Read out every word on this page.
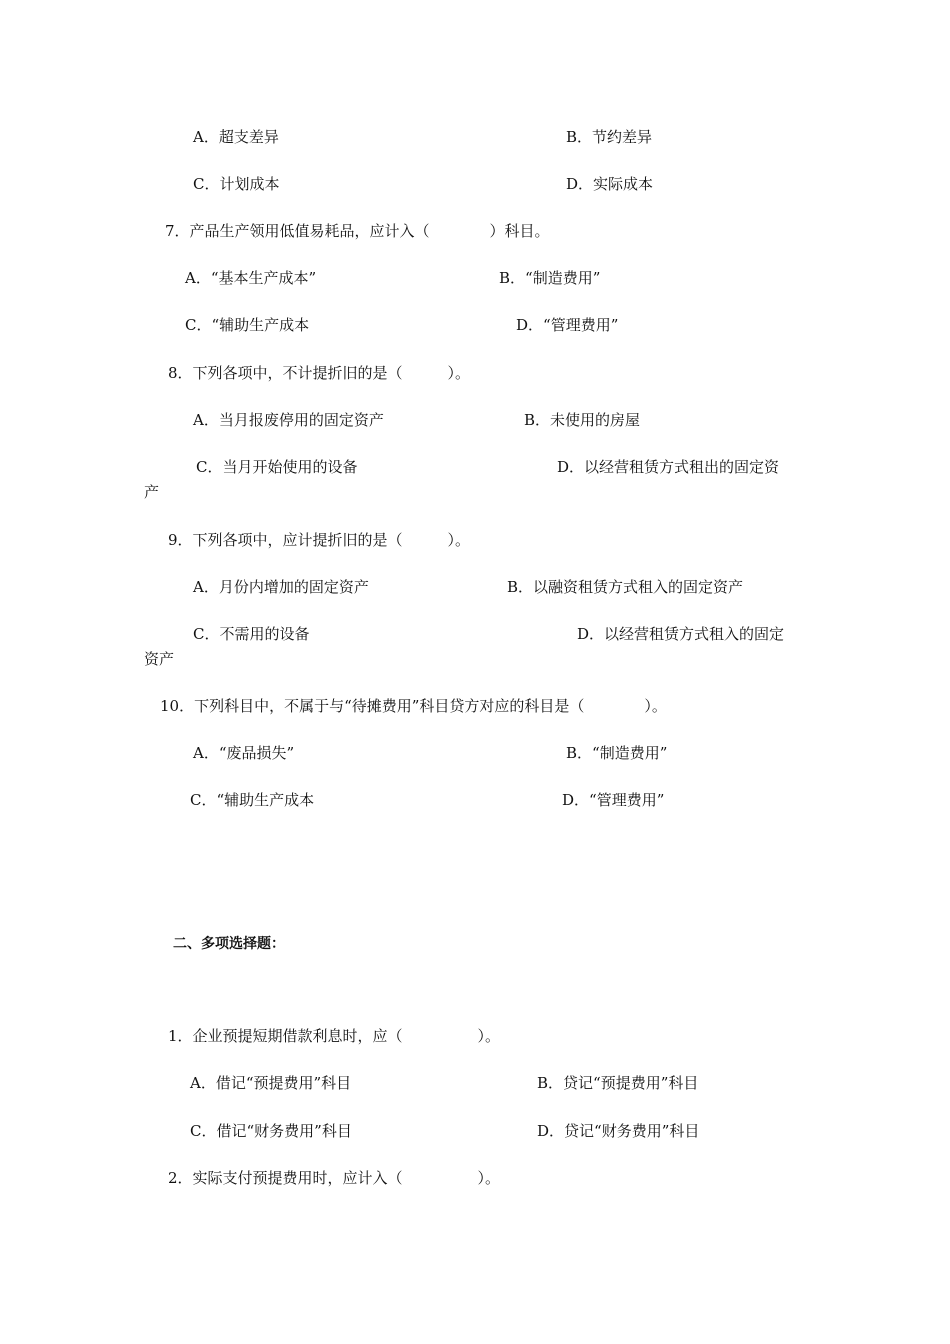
A．超支差异	B．节约差异
C．计划成本	D．实际成本
7．产品生产领用低值易耗品，应计入（　　　　）科目。
A．“基本生产成本”	B．“制造费用”
C．“辅助生产成本	D．“管理费用”
8．下列各项中，不计提折旧的是（　　　）。
A．当月报废停用的固定资产	B．未使用的房屋
C．当月开始使用的设备	D．以经营租赁方式租出的固定资
产
9．下列各项中，应计提折旧的是（　　　）。
A．月份内增加的固定资产	B．以融资租赁方式租入的固定资产
C．不需用的设备	D．以经营租赁方式租入的固定
资产
10．下列科目中，不属于与“待摊费用”科目贷方对应的科目是（　　　　）。
A．“废品损失”	B．“制造费用”
C．“辅助生产成本	D．“管理费用”
二、多项选择题：
1．企业预提短期借款利息时，应（　　　　　）。
A．借记“预提费用”科目	B．贷记“预提费用”科目
C．借记“财务费用”科目	D．贷记“财务费用”科目
2．实际支付预提费用时，应计入（　　　　　）。
